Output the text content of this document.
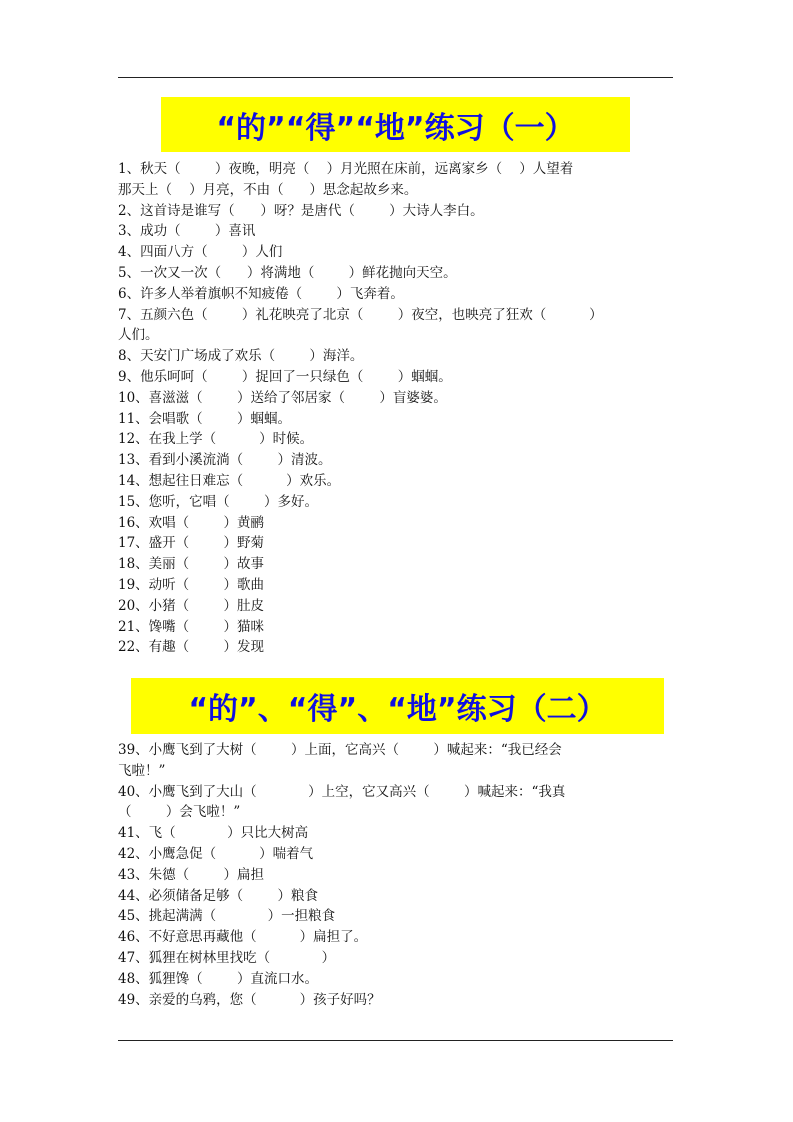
“的”“得”“地”练习（一）
1、秋天（        ）夜晚，明亮（    ）月光照在床前，远离家乡（    ）人望着
那天上（    ）月亮，不由（      ）思念起故乡来。
2、这首诗是谁写（      ）呀？是唐代（        ）大诗人李白。
3、成功（        ）喜讯
4、四面八方（        ）人们
5、一次又一次（      ）将满地（        ）鲜花抛向天空。
6、许多人举着旗帜不知疲倦（        ）飞奔着。
7、五颜六色（        ）礼花映亮了北京（        ）夜空，也映亮了狂欢（          ）
人们。
8、天安门广场成了欢乐（        ）海洋。
9、他乐呵呵（        ）捉回了一只绿色（        ）蝈蝈。
10、喜滋滋（        ）送给了邻居家（        ）盲婆婆。
11、会唱歌（        ）蝈蝈。
12、在我上学（          ）时候。
13、看到小溪流淌（        ）清波。
14、想起往日难忘（          ）欢乐。
15、您听，它唱（        ）多好。
16、欢唱（        ）黄鹂
17、盛开（        ）野菊
18、美丽（        ）故事
19、动听（        ）歌曲
20、小猪（        ）肚皮
21、馋嘴（        ）猫咪
22、有趣（        ）发现
“的”、“得”、“地”练习（二）
39、小鹰飞到了大树（        ）上面，它高兴（        ）喊起来：“我已经会
飞啦！”
40、小鹰飞到了大山（            ）上空，它又高兴（        ）喊起来：“我真
（        ）会飞啦！”
41、飞（            ）只比大树高
42、小鹰急促（          ）喘着气
43、朱德（        ）扁担
44、必须储备足够（        ）粮食
45、挑起满满（            ）一担粮食
46、不好意思再藏他（          ）扁担了。
47、狐狸在树林里找吃（            ）
48、狐狸馋（        ）直流口水。
49、亲爱的乌鸦，您（          ）孩子好吗？
